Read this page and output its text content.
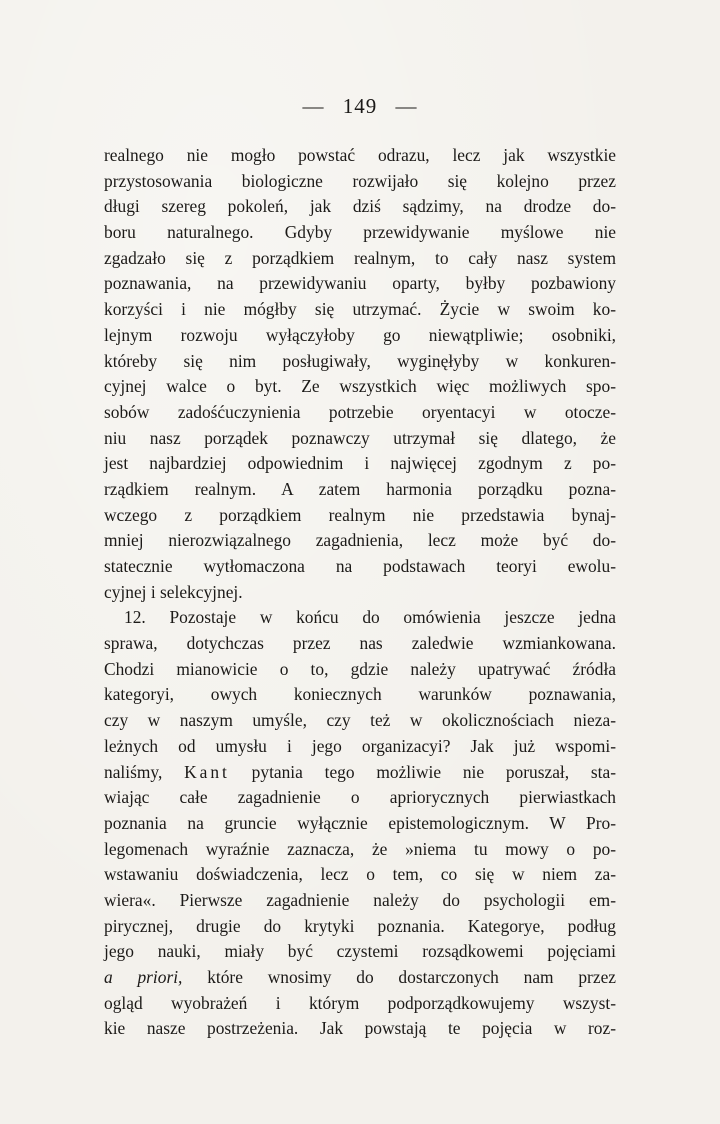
— 149 —
realnego nie mogło powstać odrazu, lecz jak wszystkie
przystosowania biologiczne rozwijało się kolejno przez
długi szereg pokoleń, jak dziś sądzimy, na drodze do-
boru naturalnego. Gdyby przewidywanie myślowe nie
zgadzało się z porządkiem realnym, to cały nasz system
poznawania, na przewidywaniu oparty, byłby pozbawiony
korzyści i nie mógłby się utrzymać. Życie w swoim ko-
lejnym rozwoju wyłączyłoby go niewątpliwie; osobniki,
któreby się nim posługiwały, wyginęłyby w konkuren-
cyjnej walce o byt. Ze wszystkich więc możliwych spo-
sobów zadośćuczynienia potrzebie oryentacyi w otocze-
niu nasz porządek poznawczy utrzymał się dlatego, że
jest najbardziej odpowiednim i najwięcej zgodnym z po-
rządkiem realnym. A zatem harmonia porządku pozna-
wczego z porządkiem realnym nie przedstawia bynaj-
mniej nierozwiązalnego zagadnienia, lecz może być do-
statecznie wytłomaczona na podstawach teoryi ewolu-
cyjnej i selekcyjnej.
12. Pozostaje w końcu do omówienia jeszcze jedna
sprawa, dotychczas przez nas zaledwie wzmiankowana.
Chodzi mianowicie o to, gdzie należy upatrywać źródła
kategoryi, owych koniecznych warunków poznawania,
czy w naszym umyśle, czy też w okolicznościach nieza-
leżnych od umysłu i jego organizacyi? Jak już wspomi-
naliśmy, Kant pytania tego możliwie nie poruszał, sta-
wiając całe zagadnienie o apriorycznych pierwiastkach
poznania na gruncie wyłącznie epistemologicznym. W Pro-
legomenach wyraźnie zaznacza, że »niema tu mowy o po-
wstawaniu doświadczenia, lecz o tem, co się w niem za-
wiera«. Pierwsze zagadnienie należy do psychologii em-
pirycznej, drugie do krytyki poznania. Kategorye, podług
jego nauki, miały być czystemi rozsądkowemi pojęciami
a priori, które wnosimy do dostarczonych nam przez
ogląd wyobrażeń i którym podporządkowujemy wszyst-
kie nasze postrzeżenia. Jak powstają te pojęcia w roz-
